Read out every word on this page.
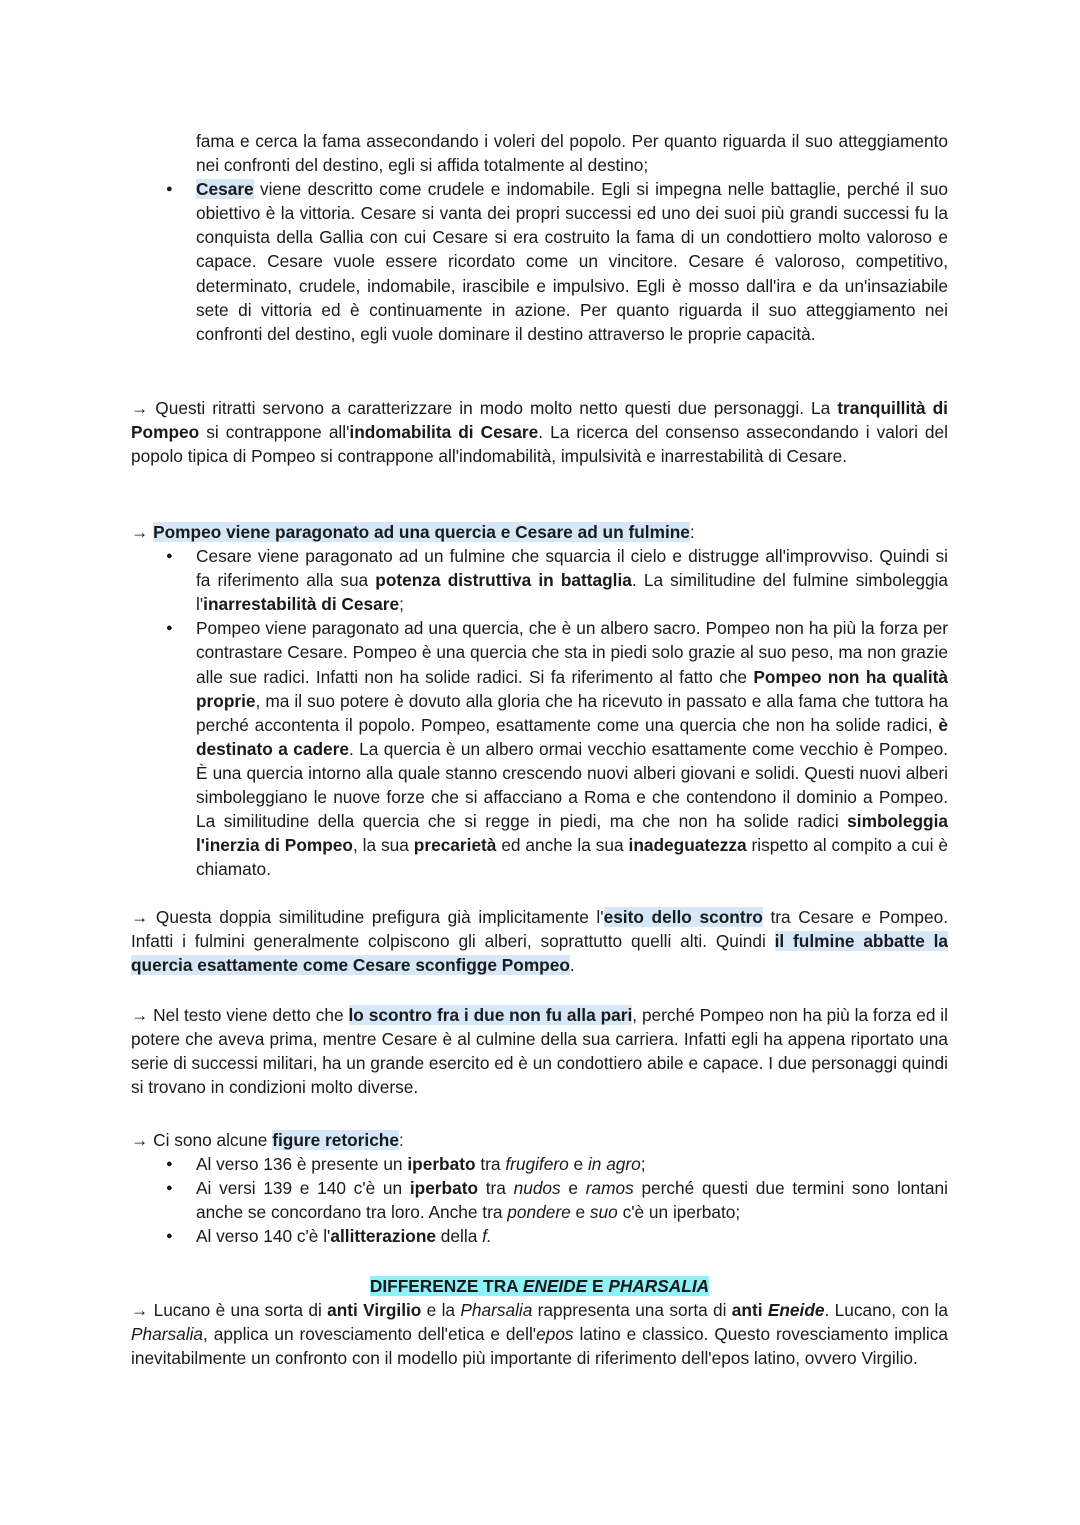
fama e cerca la fama assecondando i voleri del popolo. Per quanto riguarda il suo atteggiamento nei confronti del destino, egli si affida totalmente al destino;

● Cesare viene descritto come crudele e indomabile. Egli si impegna nelle battaglie, perché il suo obiettivo è la vittoria. Cesare si vanta dei propri successi ed uno dei suoi più grandi successi fu la conquista della Gallia con cui Cesare si era costruito la fama di un condottiero molto valoroso e capace. Cesare vuole essere ricordato come un vincitore. Cesare é valoroso, competitivo, determinato, crudele, indomabile, irascibile e impulsivo. Egli è mosso dall'ira e da un'insaziabile sete di vittoria ed è continuamente in azione. Per quanto riguarda il suo atteggiamento nei confronti del destino, egli vuole dominare il destino attraverso le proprie capacità.

→ Questi ritratti servono a caratterizzare in modo molto netto questi due personaggi. La tranquillità di Pompeo si contrappone all'indomabilita di Cesare. La ricerca del consenso assecondando i valori del popolo tipica di Pompeo si contrappone all'indomabilità, impulsività e inarrestabilità di Cesare.

→ Pompeo viene paragonato ad una quercia e Cesare ad un fulmine:

● Cesare viene paragonato ad un fulmine che squarcia il cielo e distrugge all'improvviso. Quindi si fa riferimento alla sua potenza distruttiva in battaglia. La similitudine del fulmine simboleggia l'inarrestabilità di Cesare;
● Pompeo viene paragonato ad una quercia, che è un albero sacro. Pompeo non ha più la forza per contrastare Cesare. Pompeo è una quercia che sta in piedi solo grazie al suo peso, ma non grazie alle sue radici. Infatti non ha solide radici. Si fa riferimento al fatto che Pompeo non ha qualità proprie, ma il suo potere è dovuto alla gloria che ha ricevuto in passato e alla fama che tuttora ha perché accontenta il popolo. Pompeo, esattamente come una quercia che non ha solide radici, è destinato a cadere. La quercia è un albero ormai vecchio esattamente come vecchio è Pompeo. È una quercia intorno alla quale stanno crescendo nuovi alberi giovani e solidi. Questi nuovi alberi simboleggiano le nuove forze che si affacciano a Roma e che contendono il dominio a Pompeo. La similitudine della quercia che si regge in piedi, ma che non ha solide radici simboleggia l'inerzia di Pompeo, la sua precarietà ed anche la sua inadeguatezza rispetto al compito a cui è chiamato.

→ Questa doppia similitudine prefigura già implicitamente l'esito dello scontro tra Cesare e Pompeo. Infatti i fulmini generalmente colpiscono gli alberi, soprattutto quelli alti. Quindi il fulmine abbatte la quercia esattamente come Cesare sconfigge Pompeo.

→ Nel testo viene detto che lo scontro fra i due non fu alla pari, perché Pompeo non ha più la forza ed il potere che aveva prima, mentre Cesare è al culmine della sua carriera. Infatti egli ha appena riportato una serie di successi militari, ha un grande esercito ed è un condottiero abile e capace. I due personaggi quindi si trovano in condizioni molto diverse.

→ Ci sono alcune figure retoriche:

● Al verso 136 è presente un iperbato tra frugifero e in agro;
● Ai versi 139 e 140 c'è un iperbato tra nudos e ramos perché questi due termini sono lontani anche se concordano tra loro. Anche tra pondere e suo c'è un iperbato;
● Al verso 140 c'è l'allitterazione della f.

DIFFERENZE TRA ENEIDE E PHARSALIA

→ Lucano è una sorta di anti Virgilio e la Pharsalia rappresenta una sorta di anti Eneide. Lucano, con la Pharsalia, applica un rovesciamento dell'etica e dell'epos latino e classico. Questo rovesciamento implica inevitabilmente un confronto con il modello più importante di riferimento dell'epos latino, ovvero Virgilio.
